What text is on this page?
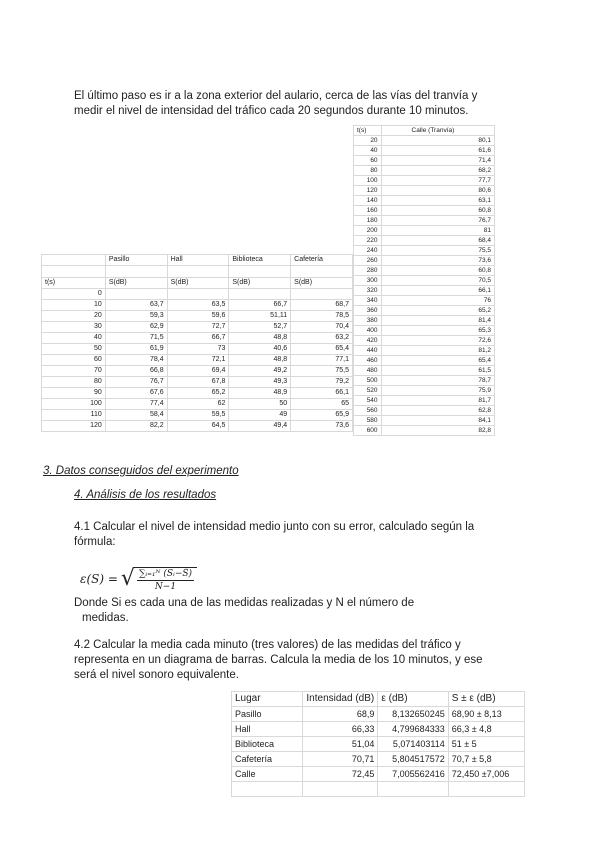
El último paso es ir a la zona exterior del aulario, cerca de las vías del tranvía y
medir el nivel de intensidad del tráfico cada 20 segundos durante 10 minutos.

t(s)	Calle (Tranvía)
20	80,1
40	61,6
60	71,4
80	68,2
100	77,7
120	80,6
140	63,1
160	60,8
180	76,7
200	81
220	68,4
240	75,5
260	73,6
280	60,8
300	70,5
320	66,1
340	76
360	65,2
380	81,4
400	65,3
420	72,6
440	81,2
460	65,4
480	61,5
500	78,7
520	75,9
540	81,7
560	62,8
580	84,1
600	82,8
	Pasillo	Hall	Biblioteca	Cafetería

t(s)	S(dB)	S(dB)	S(dB)	S(dB)
0				
10	63,7	63,5	66,7	68,7
20	59,3	59,6	51,11	78,5
30	62,9	72,7	52,7	70,4
40	71,5	66,7	48,8	63,2
50	61,9	73	40,6	65,4
60	78,4	72,1	48,8	77,1
70	66,8	69,4	49,2	75,5
80	76,7	67,8	49,3	79,2
90	67,6	65,2	48,9	66,1
100	77,4	62	50	65
110	58,4	59,5	49	65,9
120	82,2	64,5	49,4	73,6

3. Datos conseguidos del experimento

4. Análisis de los resultados

4.1 Calcular el nivel de intensidad medio junto con su error, calculado según la
fórmula:

ε(S) = √ $\frac{\text{∑ᵢ₌₁ᴺ (Sᵢ−S̄)}}{N-1}$

Donde Si es cada una de las medidas realizadas y N el número de
medidas.

4.2 Calcular la media cada minuto (tres valores) de las medidas del tráfico y
representa en un diagrama de barras. Calcula la media de los 10 minutos, y ese
será el nivel sonoro equivalente.

Lugar	Intensidad (dB)	ε (dB)	S ± ε (dB)
Pasillo	68,9	8,132650245	68,90 ± 8,13
Hall	66,33	4,799684333	66,3 ± 4,8
Biblioteca	51,04	5,071403114	51 ± 5
Cafetería	70,71	5,804517572	70,7 ± 5,8
Calle	72,45	7,005562416	72,450 ±7,006
